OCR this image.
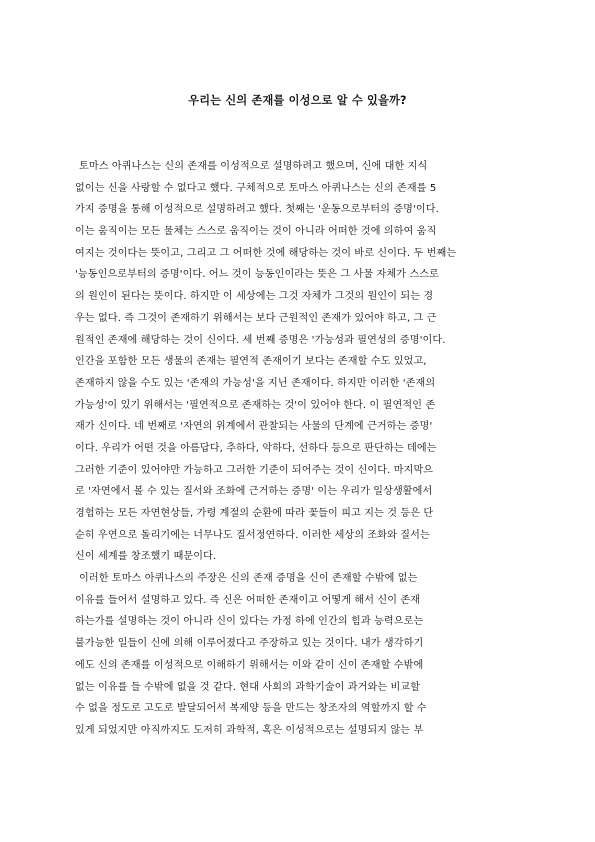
우리는 신의 존재를 이성으로 알 수 있을까?
토마스 아퀴나스는 신의 존재를 이성적으로 설명하려고 했으며, 신에 대한 지식
없이는 신을 사랑할 수 없다고 했다. 구체적으로 토마스 아퀴나스는 신의 존재를 5
가지 증명을 통해 이성적으로 설명하려고 했다. 첫째는 '운동으로부터의 증명'이다.
이는 움직이는 모든 물체는 스스로 움직이는 것이 아니라 어떠한 것에 의하여 움직
여지는 것이다는 뜻이고, 그리고 그 어떠한 것에 해당하는 것이 바로 신이다. 두 번째는
'능동인으로부터의 증명'이다. 어느 것이 능동인이라는 뜻은 그 사물 자체가 스스로
의 원인이 된다는 뜻이다. 하지만 이 세상에는 그것 자체가 그것의 원인이 되는 경
우는 없다. 즉 그것이 존재하기 위해서는 보다 근원적인 존재가 있어야 하고, 그 근
원적인 존재에 해당하는 것이 신이다. 세 번째 증명은 '가능성과 필연성의 증명'이다.
인간을 포함한 모든 생물의 존재는 필연적 존재이기 보다는 존재할 수도 있었고,
존재하지 않을 수도 있는 '존재의 가능성'을 지닌 존재이다. 하지만 이러한 '존재의
가능성'이 있기 위해서는 '필연적으로 존재하는 것'이 있어야 한다. 이 필연적인 존
재가 신이다. 네 번째로 '자연의 위계에서 관찰되는 사물의 단계에 근거하는 증명'
이다. 우리가 어떤 것을 아름답다, 추하다, 악하다, 선하다 등으로 판단하는 데에는
그러한 기준이 있어야만 가능하고 그러한 기준이 되어주는 것이 신이다. 마지막으
로 '자연에서 볼 수 있는 질서와 조화에 근거하는 증명' 이는 우리가 일상생활에서
경험하는 모든 자연현상들, 가령 계절의 순환에 따라 꽃들이 피고 지는 것 등은 단
순히 우연으로 돌리기에는 너무나도 질서정연하다. 이러한 세상의 조화와 질서는
신이 세계를 창조했기 때문이다.
이러한 토마스 아퀴나스의 주장은 신의 존재 증명을 신이 존재할 수밖에 없는
이유를 들어서 설명하고 있다. 즉 신은 어떠한 존재이고 어떻게 해서 신이 존재
하는가를 설명하는 것이 아니라 신이 있다는 가정 하에 인간의 힘과 능력으로는
불가능한 일들이 신에 의해 이루어졌다고 주장하고 있는 것이다. 내가 생각하기
에도 신의 존재를 이성적으로 이해하기 위해서는 이와 같이 신이 존재할 수밖에
없는 이유를 들 수밖에 없을 것 같다. 현대 사회의 과학기술이 과거와는 비교할
수 없을 정도로 고도로 발달되어서 복제양 등을 만드는 창조자의 역할까지 할 수
있게 되었지만 아직까지도 도저히 과학적, 혹은 이성적으로는 설명되지 않는 부
